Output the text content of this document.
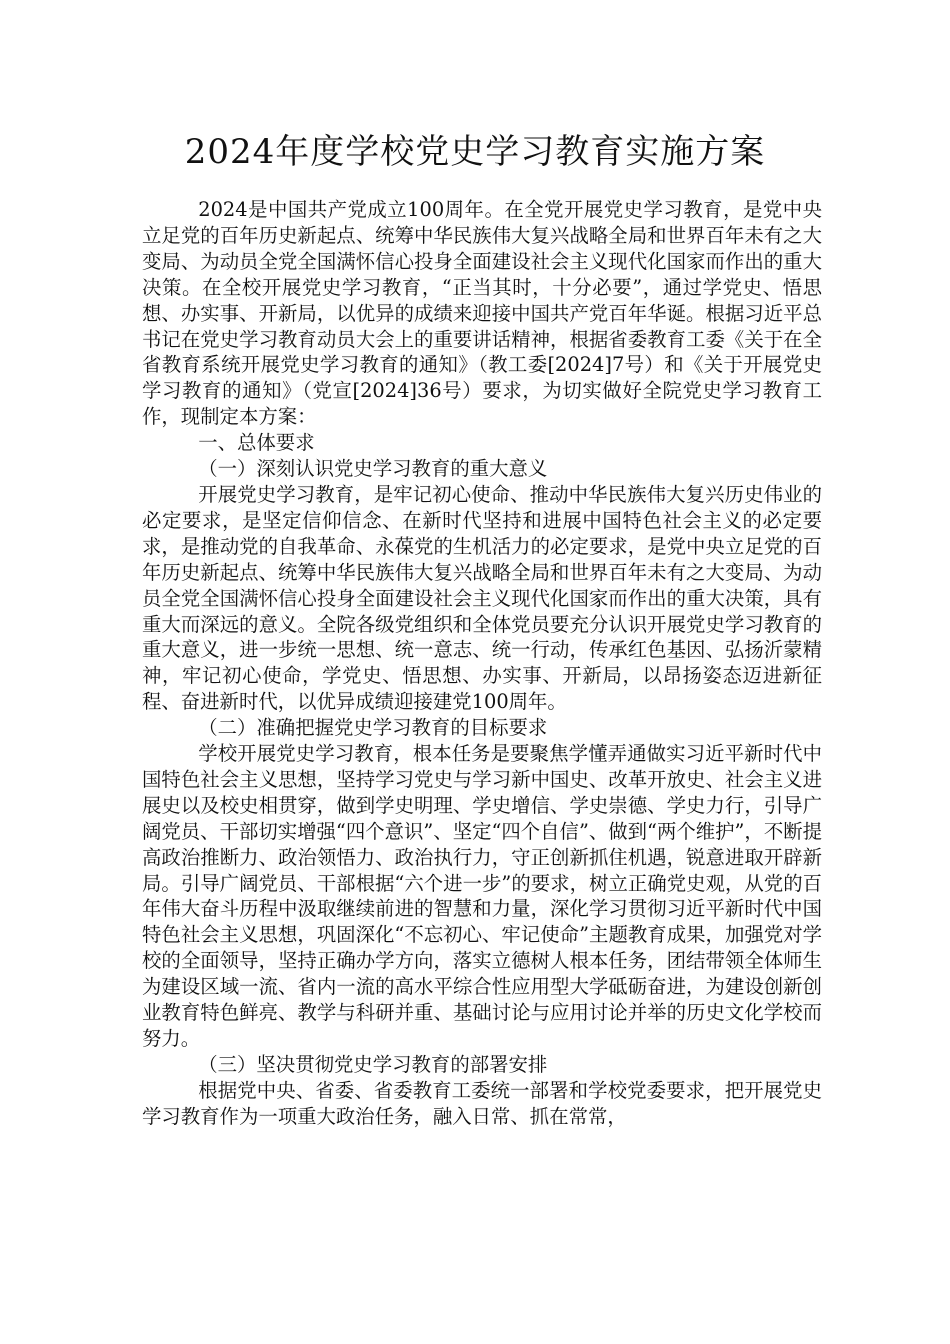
2024年度学校党史学习教育实施方案

2024是中国共产党成立100周年。在全党开展党史学习教育，是党中央立足党的百年历史新起点、统筹中华民族伟大复兴战略全局和世界百年未有之大变局、为动员全党全国满怀信心投身全面建设社会主义现代化国家而作出的重大决策。在全校开展党史学习教育，“正当其时，十分必要”，通过学党史、悟思想、办实事、开新局，以优异的成绩来迎接中国共产党百年华诞。根据习近平总书记在党史学习教育动员大会上的重要讲话精神，根据省委教育工委《关于在全省教育系统开展党史学习教育的通知》（教工委[2024]7号）和《关于开展党史学习教育的通知》（党宣[2024]36号）要求，为切实做好全院党史学习教育工作，现制定本方案：

一、总体要求

（一）深刻认识党史学习教育的重大意义

开展党史学习教育，是牢记初心使命、推动中华民族伟大复兴历史伟业的必定要求，是坚定信仰信念、在新时代坚持和进展中国特色社会主义的必定要求，是推动党的自我革命、永葆党的生机活力的必定要求，是党中央立足党的百年历史新起点、统筹中华民族伟大复兴战略全局和世界百年未有之大变局、为动员全党全国满怀信心投身全面建设社会主义现代化国家而作出的重大决策，具有重大而深远的意义。全院各级党组织和全体党员要充分认识开展党史学习教育的重大意义，进一步统一思想、统一意志、统一行动，传承红色基因、弘扬沂蒙精神，牢记初心使命，学党史、悟思想、办实事、开新局，以昂扬姿态迈进新征程、奋进新时代，以优异成绩迎接建党100周年。

（二）准确把握党史学习教育的目标要求

学校开展党史学习教育，根本任务是要聚焦学懂弄通做实习近平新时代中国特色社会主义思想，坚持学习党史与学习新中国史、改革开放史、社会主义进展史以及校史相贯穿，做到学史明理、学史增信、学史崇德、学史力行，引导广阔党员、干部切实增强“四个意识”、坚定“四个自信”、做到“两个维护”，不断提高政治推断力、政治领悟力、政治执行力，守正创新抓住机遇，锐意进取开辟新局。引导广阔党员、干部根据“六个进一步”的要求，树立正确党史观，从党的百年伟大奋斗历程中汲取继续前进的智慧和力量，深化学习贯彻习近平新时代中国特色社会主义思想，巩固深化“不忘初心、牢记使命”主题教育成果，加强党对学校的全面领导，坚持正确办学方向，落实立德树人根本任务，团结带领全体师生为建设区域一流、省内一流的高水平综合性应用型大学砥砺奋进，为建设创新创业教育特色鲜亮、教学与科研并重、基础讨论与应用讨论并举的历史文化学校而努力。

（三）坚决贯彻党史学习教育的部署安排

根据党中央、省委、省委教育工委统一部署和学校党委要求，把开展党史学习教育作为一项重大政治任务，融入日常、抓在常常，
